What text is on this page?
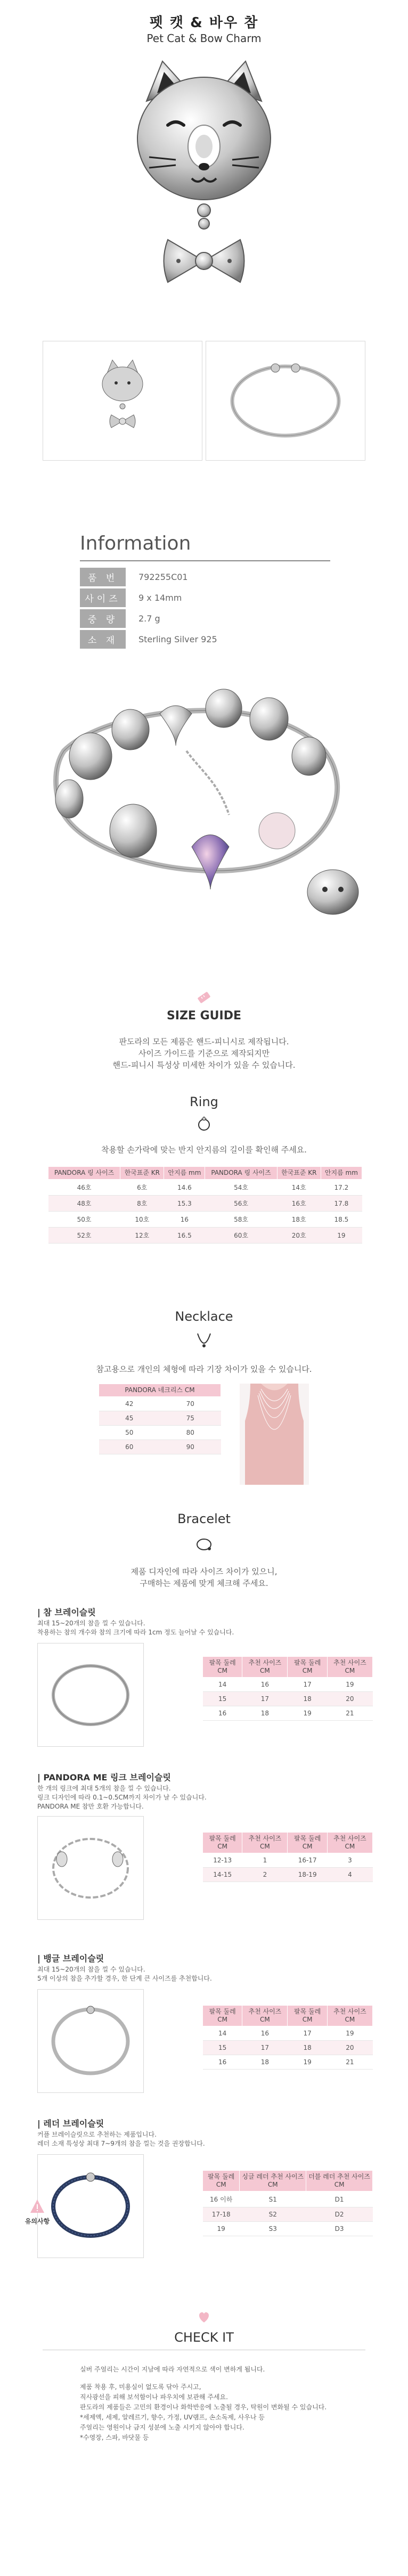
펫 캣 & 바우 참
Pet Cat & Bow Charm
Information
품 번	792255C01
사이즈	9 x 14mm
중 량	2.7 g
소 재	Sterling Silver 925
SIZE GUIDE
판도라의 모든 제품은 핸드-피니시로 제작됩니다.
사이즈 가이드를 기준으로 제작되지만
핸드-피니시 특성상 미세한 차이가 있을 수 있습니다.
Ring
착용할 손가락에 맞는 반지 안지름의 길이를 확인해 주세요.
PANDORA 링 사이즈	한국표준 KR	안지름 mm	PANDORA 링 사이즈	한국표준 KR	안지름 mm
46호	6호	14.6	54호	14호	17.2
48호	8호	15.3	56호	16호	17.8
50호	10호	16	58호	18호	18.5
52호	12호	16.5	60호	20호	19
Necklace
참고용으로 개인의 체형에 따라 기장 차이가 있을 수 있습니다.
PANDORA 네크리스 CM	
42	70
45	75
50	80
60	90
Bracelet
제품 디자인에 따라 사이즈 차이가 있으니,
구매하는 제품에 맞게 체크해 주세요.
| 참 브레이슬릿
최대 15~20개의 참을 낄 수 있습니다.
착용하는 참의 개수와 참의 크기에 따라 1cm 정도 늘어날 수 있습니다.
팔목 둘레 CM	추천 사이즈 CM	팔목 둘레 CM	추천 사이즈 CM
14	16	17	19
15	17	18	20
16	18	19	21
| PANDORA ME 링크 브레이슬릿
한 개의 링크에 최대 5개의 참을 낄 수 있습니다.
링크 디자인에 따라 0.1~0.5CM까지 차이가 날 수 있습니다.
PANDORA ME 참만 호환 가능합니다.
팔목 둘레 CM	추천 사이즈 CM	팔목 둘레 CM	추천 사이즈 CM
12-13	1	16-17	3
14-15	2	18-19	4
| 뱅글 브레이슬릿
최대 15~20개의 참을 낄 수 있습니다.
5개 이상의 참을 추가할 경우, 한 단계 큰 사이즈를 추천합니다.
팔목 둘레 CM	추천 사이즈 CM	팔목 둘레 CM	추천 사이즈 CM
14	16	17	19
15	17	18	20
16	18	19	21
| 레더 브레이슬릿
커플 브레이슬릿으로 추천하는 제품입니다.
레더 소재 특성상 최대 7~9개의 참을 낄는 것을 권장합니다.
팔목 둘레 CM	싱글 레더 추천 사이즈 CM	더블 레더 추천 사이즈 CM
16 이하	S1	D1
17-18	S2	D2
19	S3	D3
유의사항
CHECK IT
실버 주얼리는 시간이 지남에 따라 자연적으로 색이 변하게 됩니다.
제품 착용 후, 미용실이 없도록 닦아 주시고,
직사광선을 피해 보석함이나 파우치에 보관해 주세요.
판도라의 제품들은 고민의 환경이나 화학반응에 노출될 경우, 탁원이 변화될 수 있습니다.
*세제액, 세제, 알레르기, 향수, 가정, UV램프, 손소독제, 사우나 등
주얼리는 영원이나 금지 성분에 노출 시키지 않아야 합니다.
*수영장, 스파, 바닷물 등
